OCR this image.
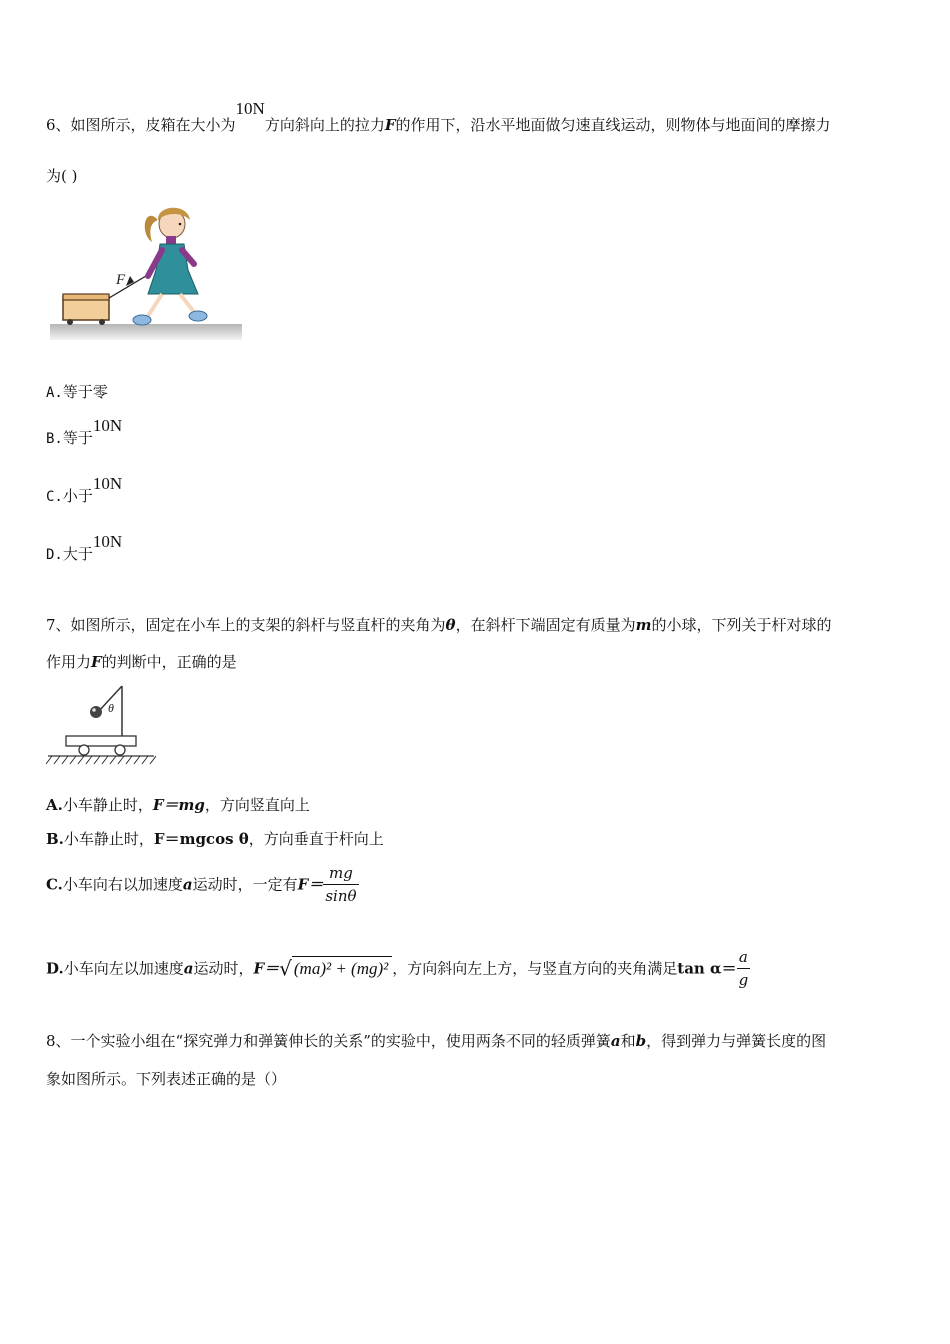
6、如图所示，皮箱在大小为10N方向斜向上的拉力F的作用下，沿水平地面做匀速直线运动，则物体与地面间的摩擦力
为( )
F
A.等于零
B.等于10N
C.小于10N
D.大于10N
7、如图所示，固定在小车上的支架的斜杆与竖直杆的夹角为θ，在斜杆下端固定有质量为m的小球，下列关于杆对球的
作用力F的判断中，正确的是
θ
A.小车静止时，F＝mg，方向竖直向上
B.小车静止时，F＝mgcos θ，方向垂直于杆向上
C.小车向右以加速度a运动时，一定有$F= \frac{mg}{\sin\theta}$
D.小车向左以加速度a运动时，F＝√ (ma)² + (mg)² ，方向斜向左上方，与竖直方向的夹角满足$\tan \alpha= \frac{a}{g}$
8、一个实验小组在“探究弹力和弹簧伸长的关系”的实验中，使用两条不同的轻质弹簧a和b，得到弹力与弹簧长度的图
象如图所示。下列表述正确的是（）
